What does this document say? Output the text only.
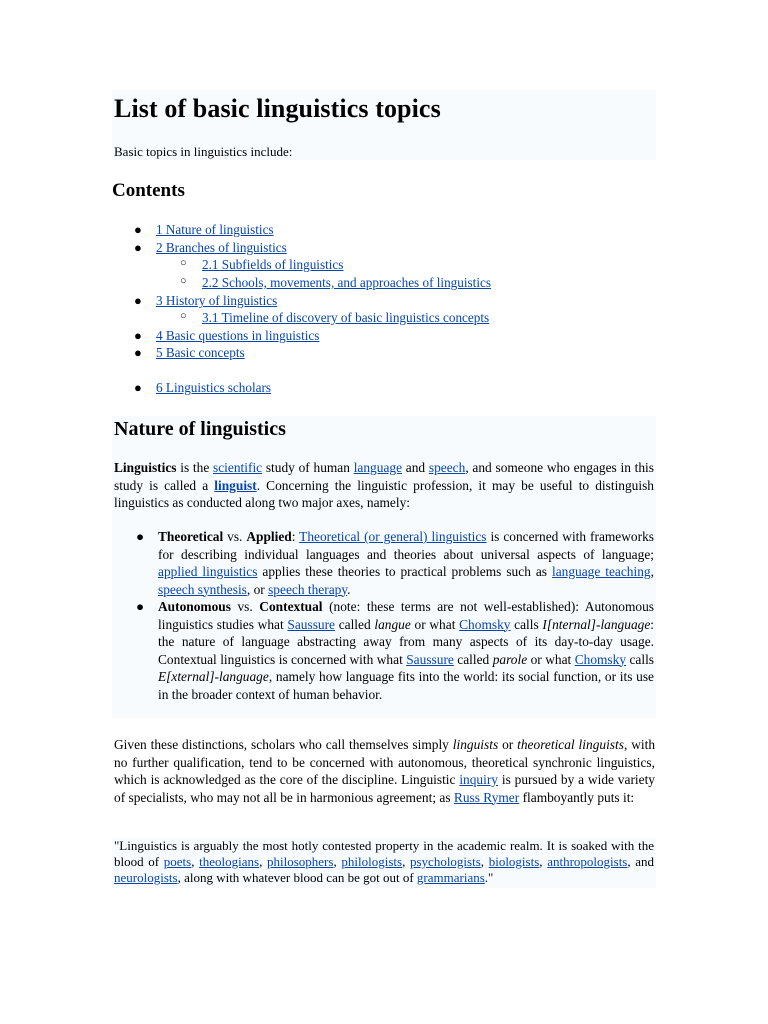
List of basic linguistics topics
Basic topics in linguistics include:
Contents
● 1 Nature of linguistics
● 2 Branches of linguistics
○ 2.1 Subfields of linguistics
○ 2.2 Schools, movements, and approaches of linguistics
● 3 History of linguistics
○ 3.1 Timeline of discovery of basic linguistics concepts
● 4 Basic questions in linguistics
● 5 Basic concepts
● 6 Linguistics scholars
Nature of linguistics

Linguistics is the scientific study of human language and speech, and someone who engages in this study is called a linguist. Concerning the linguistic profession, it may be useful to distinguish linguistics as conducted along two major axes, namely:

● Theoretical vs. Applied: Theoretical (or general) linguistics is concerned with frameworks for describing individual languages and theories about universal aspects of language; applied linguistics applies these theories to practical problems such as language teaching, speech synthesis, or speech therapy.
● Autonomous vs. Contextual (note: these terms are not well-established): Autonomous linguistics studies what Saussure called langue or what Chomsky calls I[nternal]-language: the nature of language abstracting away from many aspects of its day-to-day usage. Contextual linguistics is concerned with what Saussure called parole or what Chomsky calls E[xternal]-language, namely how language fits into the world: its social function, or its use in the broader context of human behavior.

Given these distinctions, scholars who call themselves simply linguists or theoretical linguists, with no further qualification, tend to be concerned with autonomous, theoretical synchronic linguistics, which is acknowledged as the core of the discipline. Linguistic inquiry is pursued by a wide variety of specialists, who may not all be in harmonious agreement; as Russ Rymer flamboyantly puts it:

"Linguistics is arguably the most hotly contested property in the academic realm. It is soaked with the blood of poets, theologians, philosophers, philologists, psychologists, biologists, anthropologists, and neurologists, along with whatever blood can be got out of grammarians."
